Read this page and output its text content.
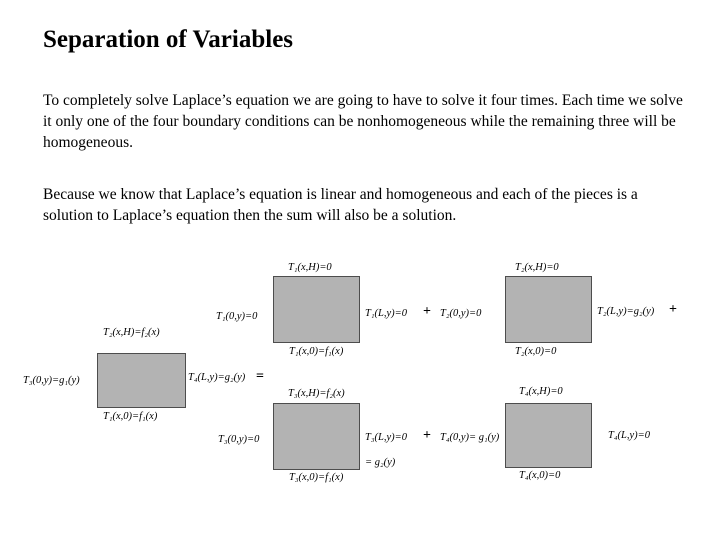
Separation of Variables
To completely solve Laplace’s equation we are going to have to solve it four times. Each time we solve it only one of the four boundary conditions can be nonhomogeneous while the remaining three will be homogeneous.
Because we know that Laplace’s equation is linear and homogeneous and each of the pieces is a solution to Laplace’s equation then the sum will also be a solution.
T₂(x,H)=f₂(x)
T₁(x,0)=f₁(x)
T₃(0,y)=g₁(y)	T₄(L,y)=g₂(y) =
T₁(x,H)=0
T₁(0,y)=0	T₁(L,y)=0
T₁(x,0)=f₁(x)
+
T₂(x,H)=0
T₂(0,y)=0	T₂(L,y)=g₂(y)
T₂(x,0)=0
+
T₃(x,H)=f₂(x)
T₃(0,y)=0	T₃(L,y)=0
= g₂(y)
T₃(x,0)=f₁(x)
+
T₄(x,H)=0
T₄(0,y)= g₁(y)	T₄(L,y)=0
T₄(x,0)=0
